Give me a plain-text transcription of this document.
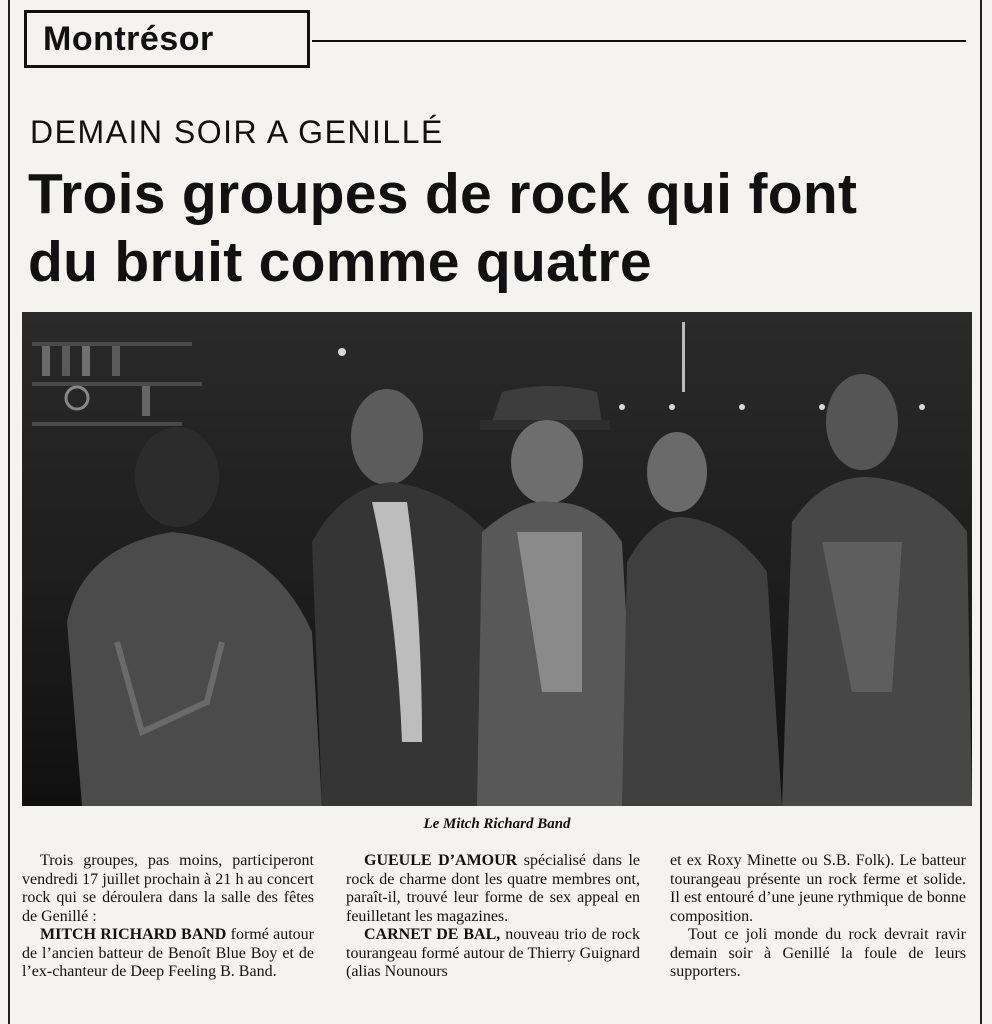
Montrésor
DEMAIN SOIR A GENILLÉ
Trois groupes de rock qui font
du bruit comme quatre
Le Mitch Richard Band

Trois groupes, pas moins, participeront vendredi 17 juillet prochain à 21 h au concert rock qui se déroulera dans la salle des fêtes de Genillé :

MITCH RICHARD BAND formé autour de l’ancien batteur de Benoît Blue Boy et de l’ex-chanteur de Deep Feeling B. Band.

GUEULE D’AMOUR spécialisé dans le rock de charme dont les quatre membres ont, paraît-il, trouvé leur forme de sex appeal en feuilletant les magazines.

CARNET DE BAL, nouveau trio de rock tourangeau formé autour de Thierry Guignard (alias Nounours

et ex Roxy Minette ou S.B. Folk). Le batteur tourangeau présente un rock ferme et solide. Il est entouré d’une jeune rythmique de bonne composition.

Tout ce joli monde du rock devrait ravir demain soir à Genillé la foule de leurs supporters.
